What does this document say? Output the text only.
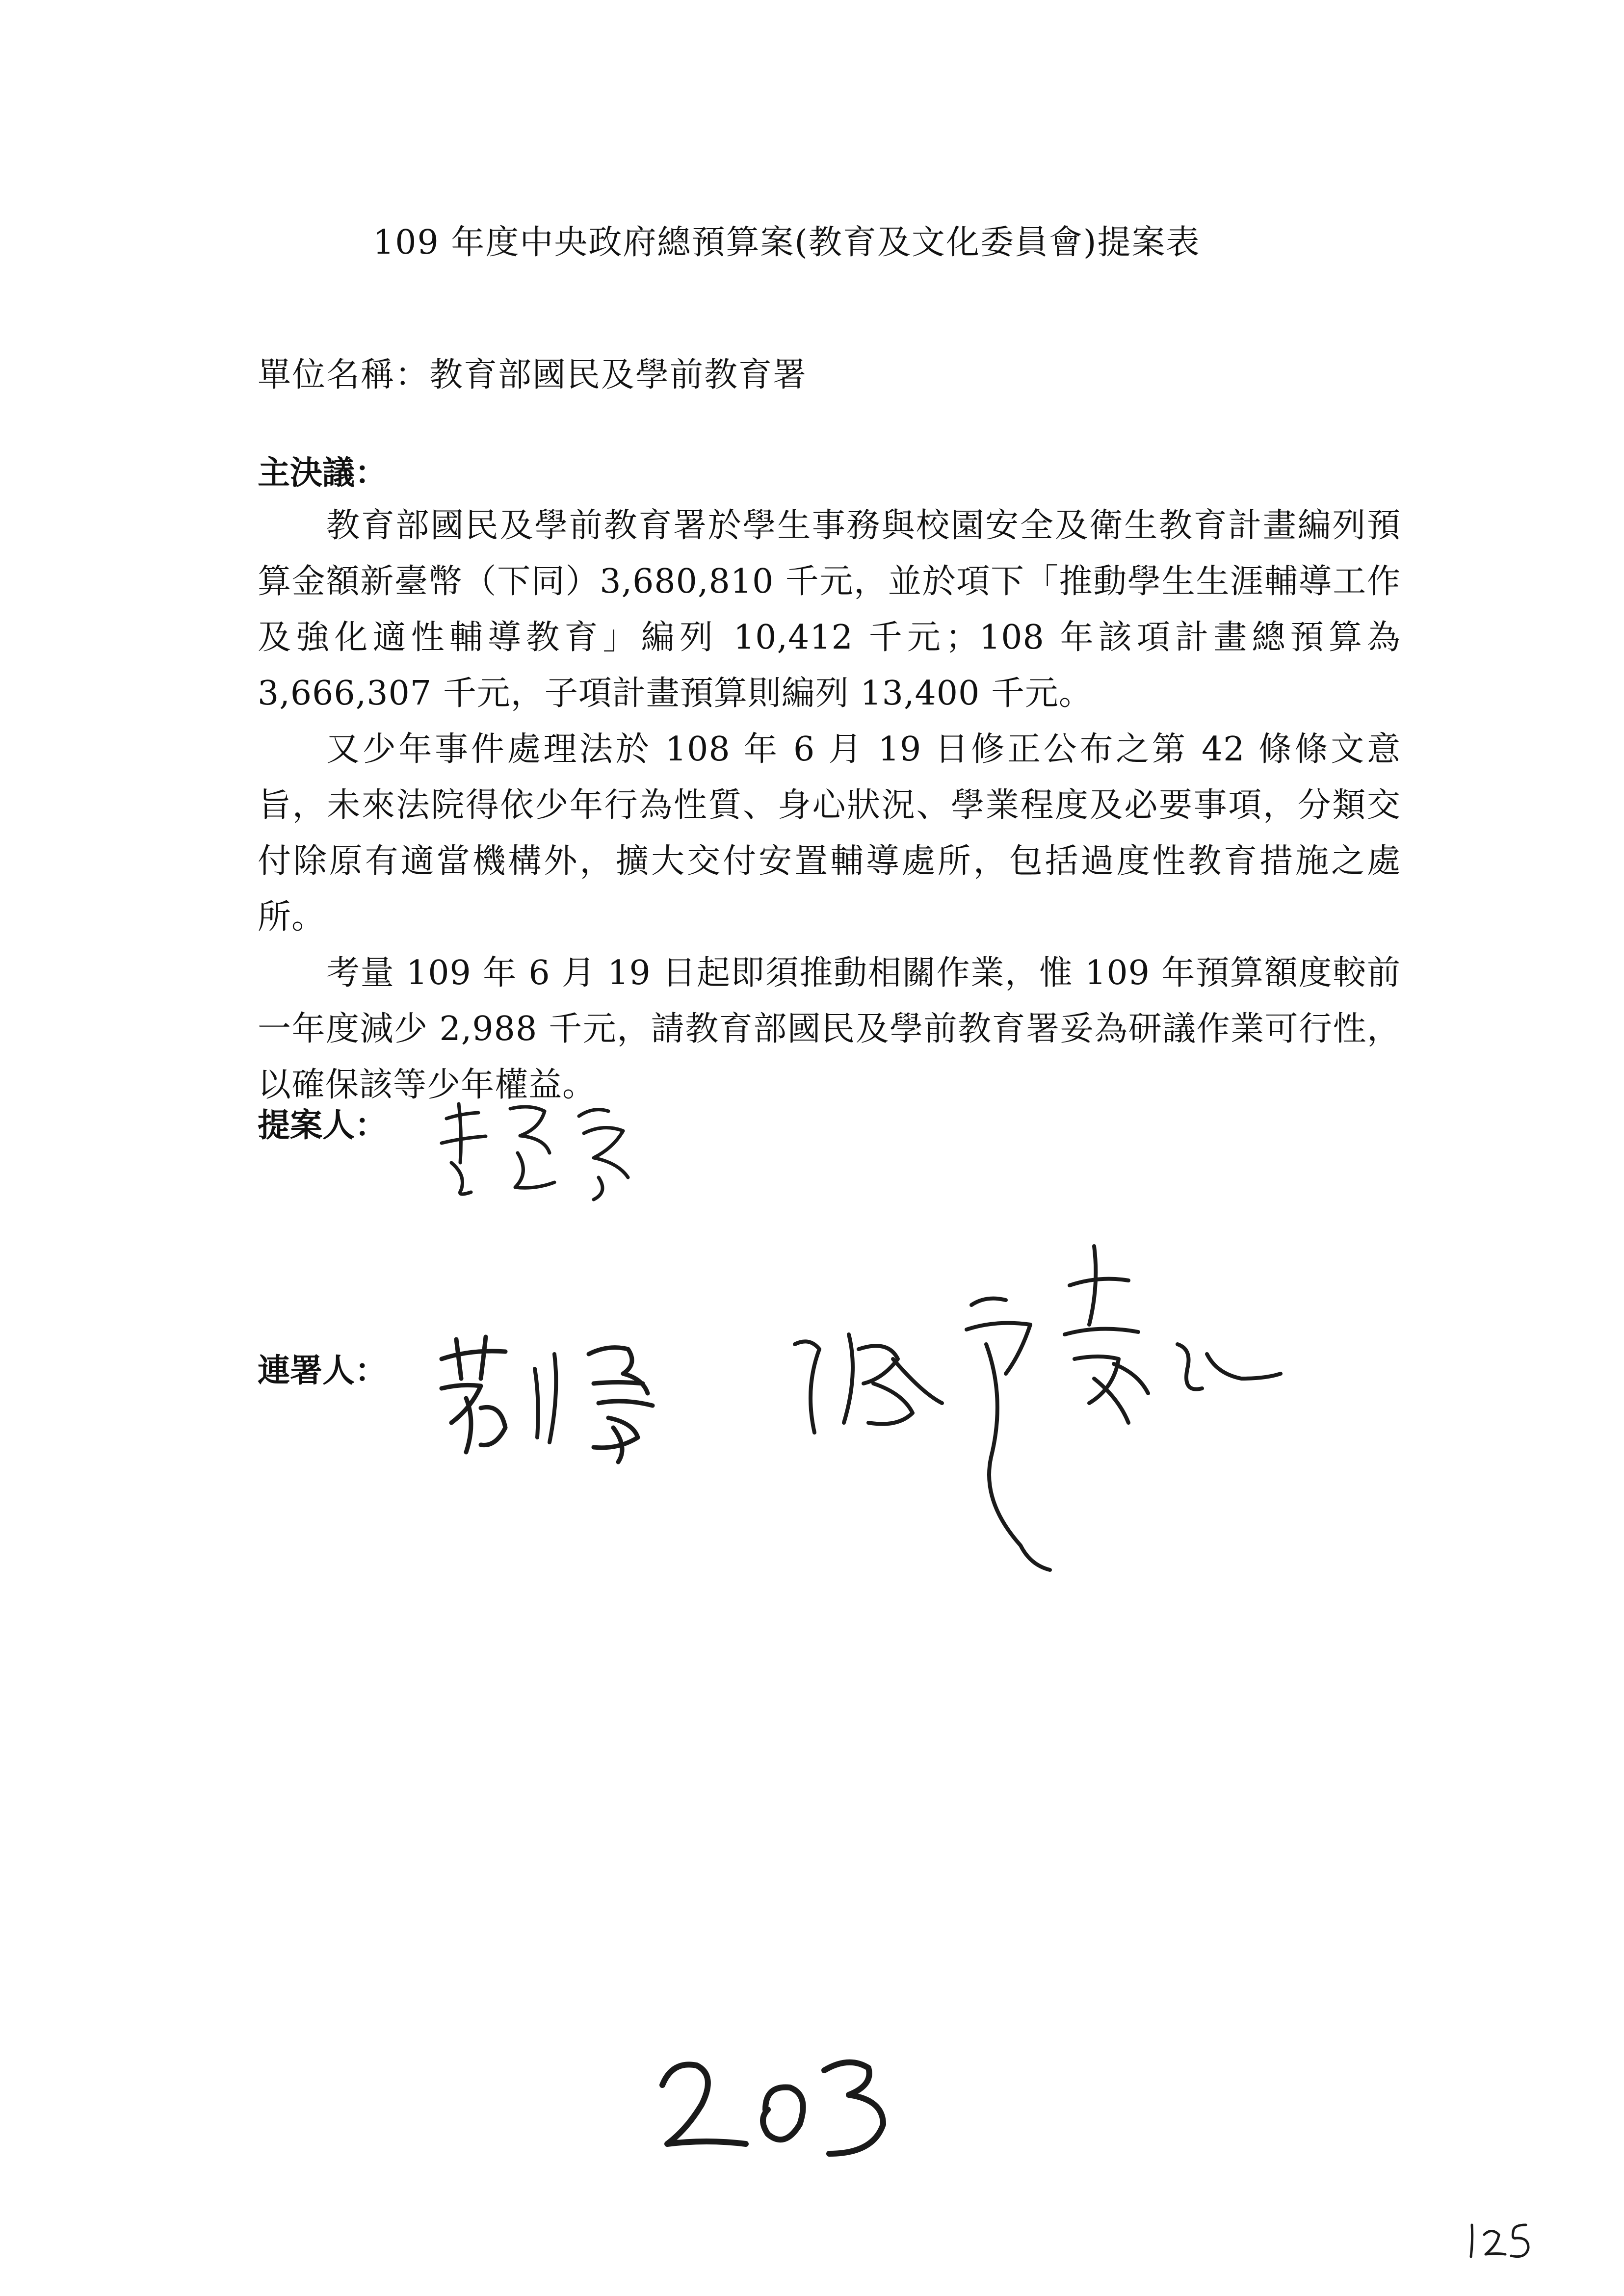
109 年度中央政府總預算案(教育及文化委員會)提案表
單位名稱：教育部國民及學前教育署
主決議：

教育部國民及學前教育署於學生事務與校園安全及衛生教育計畫編列預算金額新臺幣（下同）3,680,810 千元，並於項下「推動學生生涯輔導工作及強化適性輔導教育」編列 10,412 千元；108 年該項計畫總預算為 3,666,307 千元，子項計畫預算則編列 13,400 千元。

又少年事件處理法於 108 年 6 月 19 日修正公布之第 42 條條文意旨，未來法院得依少年行為性質、身心狀況、學業程度及必要事項，分類交付除原有適當機構外，擴大交付安置輔導處所，包括過度性教育措施之處所。

考量 109 年 6 月 19 日起即須推動相關作業，惟 109 年預算額度較前一年度減少 2,988 千元，請教育部國民及學前教育署妥為研議作業可行性，以確保該等少年權益。

提案人：
連署人：
